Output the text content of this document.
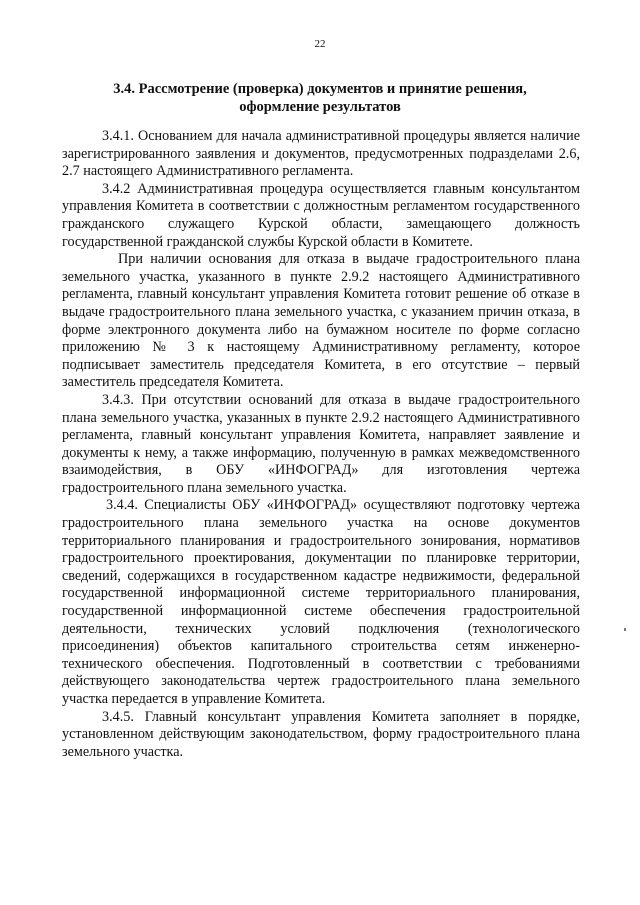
22
3.4. Рассмотрение (проверка) документов и принятие решения,
оформление результатов

3.4.1. Основанием для начала административной процедуры является наличие зарегистрированного заявления и документов, предусмотренных подразделами 2.6, 2.7 настоящего Административного регламента.

3.4.2 Административная процедура осуществляется главным консультантом управления Комитета в соответствии с должностным регламентом государственного гражданского служащего Курской области, замещающего должность государственной гражданской службы Курской области в Комитете.

При наличии основания для отказа в выдаче градостроительного плана земельного участка, указанного в пункте 2.9.2 настоящего Административного регламента, главный консультант управления Комитета готовит решение об отказе в выдаче градостроительного плана земельного участка, с указанием причин отказа, в форме электронного документа либо на бумажном носителе по форме согласно приложению № 3 к настоящему Административному регламенту, которое подписывает заместитель председателя Комитета, в его отсутствие – первый заместитель председателя Комитета.

3.4.3. При отсутствии оснований для отказа в выдаче градостроительного плана земельного участка, указанных в пункте 2.9.2 настоящего Административного регламента, главный консультант управления Комитета, направляет заявление и документы к нему, а также информацию, полученную в рамках межведомственного взаимодействия, в ОБУ «ИНФОГРАД» для изготовления чертежа градостроительного плана земельного участка.

3.4.4. Специалисты ОБУ «ИНФОГРАД» осуществляют подготовку чертежа градостроительного плана земельного участка на основе документов территориального планирования и градостроительного зонирования, нормативов градостроительного проектирования, документации по планировке территории, сведений, содержащихся в государственном кадастре недвижимости, федеральной государственной информационной системе территориального планирования, государственной информационной системе обеспечения градостроительной деятельности, технических условий подключения (технологического присоединения) объектов капитального строительства сетям инженерно-технического обеспечения. Подготовленный в соответствии с требованиями действующего законодательства чертеж градостроительного плана земельного участка передается в управление Комитета.

3.4.5. Главный консультант управления Комитета заполняет в порядке, установленном действующим законодательством, форму градостроительного плана земельного участка.
